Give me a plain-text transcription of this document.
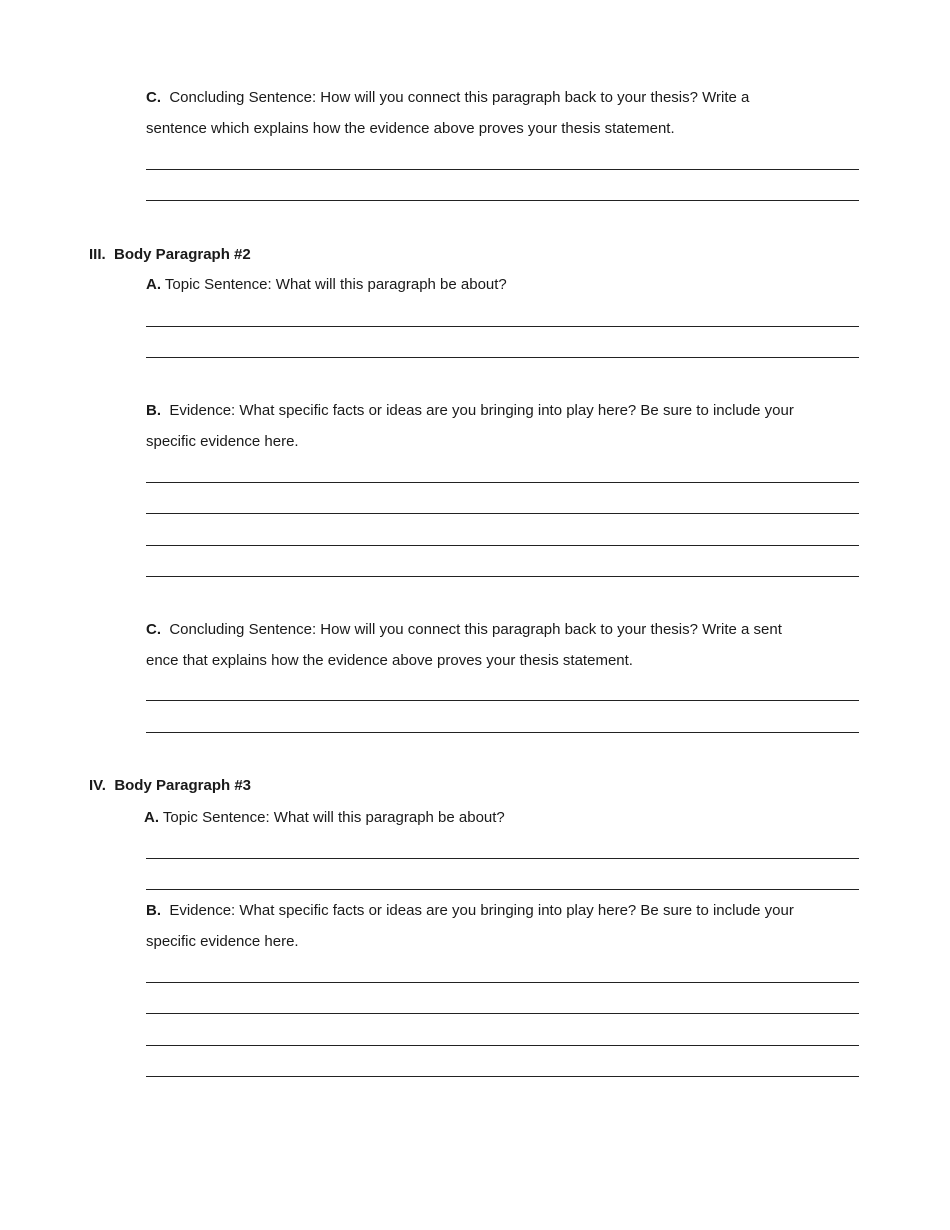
C. Concluding Sentence: How will you connect this paragraph back to your thesis? Write a
sentence which explains how the evidence above proves your thesis statement.
III. Body Paragraph #2
A. Topic Sentence: What will this paragraph be about?
B. Evidence: What specific facts or ideas are you bringing into play here? Be sure to include your
specific evidence here.
C. Concluding Sentence: How will you connect this paragraph back to your thesis? Write a sent
ence that explains how the evidence above proves your thesis statement.
IV. Body Paragraph #3
A. Topic Sentence: What will this paragraph be about?
B. Evidence: What specific facts or ideas are you bringing into play here? Be sure to include your
specific evidence here.
